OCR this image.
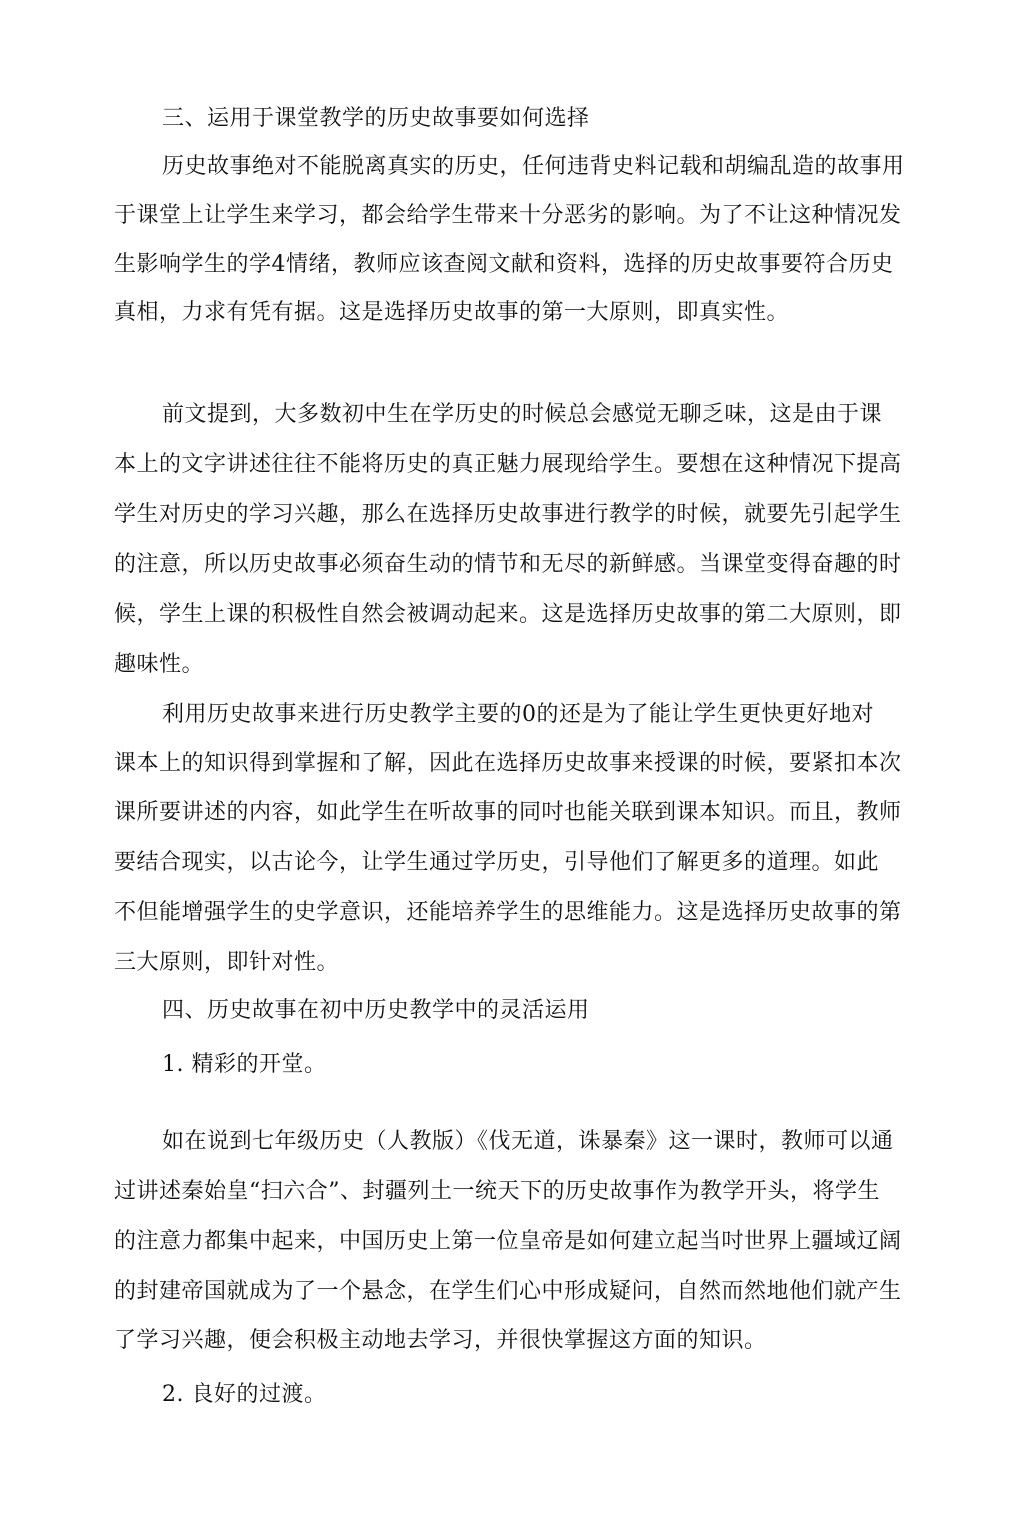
三、运用于课堂教学的历史故事要如何选择
历史故事绝对不能脱离真实的历史，任何违背史料记载和胡编乱造的故事用
于课堂上让学生来学习，都会给学生带来十分恶劣的影响。为了不让这种情况发
生影响学生的学4情绪，教师应该查阅文献和资料，选择的历史故事要符合历史
真相，力求有凭有据。这是选择历史故事的第一大原则，即真实性。
前文提到，大多数初中生在学历史的时候总会感觉无聊乏味，这是由于课
本上的文字讲述往往不能将历史的真正魅力展现给学生。要想在这种情况下提高
学生对历史的学习兴趣，那么在选择历史故事进行教学的时候，就要先引起学生
的注意，所以历史故事必须奋生动的情节和无尽的新鲜感。当课堂变得奋趣的时
候，学生上课的积极性自然会被调动起来。这是选择历史故事的第二大原则，即
趣味性。
利用历史故事来进行历史教学主要的0的还是为了能让学生更快更好地对
课本上的知识得到掌握和了解，因此在选择历史故事来授课的时候，要紧扣本次
课所要讲述的内容，如此学生在听故事的同吋也能关联到课本知识。而且，教师
要结合现实，以古论今，让学生通过学历史，引导他们了解更多的道理。如此
不但能增强学生的史学意识，还能培养学生的思维能力。这是选择历史故事的第
三大原则，即针对性。
四、历史故事在初中历史教学中的灵活运用
1. 精彩的开堂。
如在说到七年级历史（人教版）《伐无道，诛暴秦》这一课时，教师可以通
过讲述秦始皇“扫六合”、封疆列土一统天下的历史故事作为教学开头，将学生
的注意力都集中起来，中国历史上第一位皇帝是如何建立起当吋世界上疆域辽阔
的封建帝国就成为了一个悬念，在学生们心中形成疑问，自然而然地他们就产生
了学习兴趣，便会积极主动地去学习，并很快掌握这方面的知识。
2. 良好的过渡。
